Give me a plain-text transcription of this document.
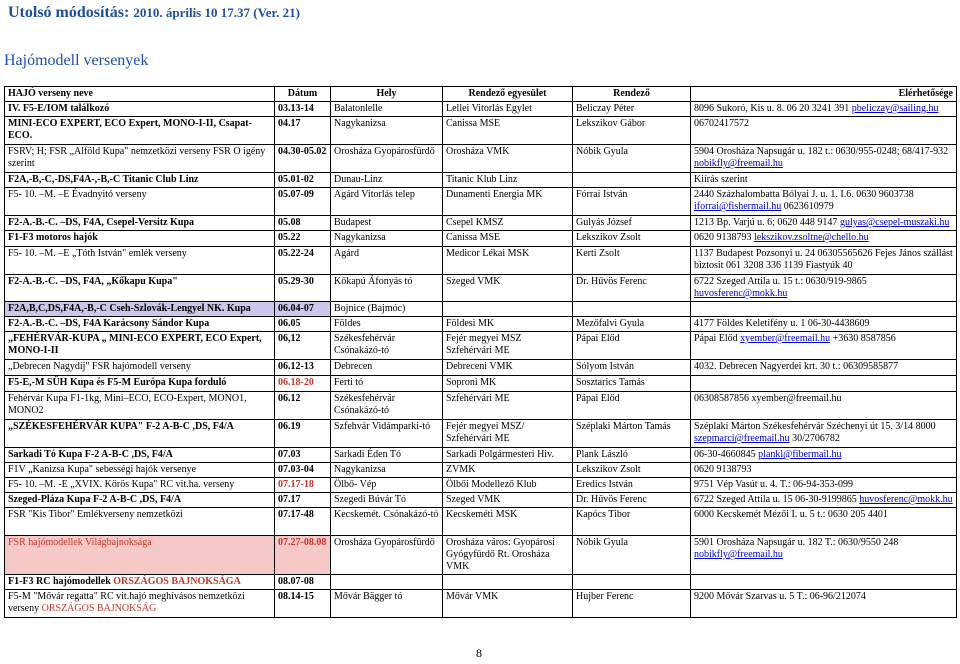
Utolsó módosítás: 2010. április 10 17.37 (Ver. 21)
Hajómodell versenyek
HAJÓ verseny neve	Dátum	Hely	Rendező egyesület	Rendező	Elérhetősége
IV. F5-E/IOM találkozó	03.13-14	Balatonlelle	Lellei Vitorlás Egylet	Beliczay Péter	8096 Sukoró, Kis u. 8. 06 20 3241 391 pbeliczay@sailing.hu
MINI-ECO EXPERT, ECO Expert, MONO-I-II, Csapat-ECO.	04.17	Nagykanizsa	Canissa MSE	Lekszikov Gábor	06702417572
FSRV; H; FSR „Alföld Kupa" nemzetközi verseny FSR O igény szerint	04.30-05.02	Orosháza Gyopárosfürdő	Orosháza VMK	Nóbik Gyula	5904 Orosháza Napsugár u. 182 t.: 0630/955-0248; 68/417-932 nobikfly@freemail.hu
F2A,-B,-C,-DS,F4A-,-B,-C Titanic Club Linz	05.01-02	Dunau-Linz	Titanic Klub Linz		Kiírás szerint
F5- 10. –M. –E Évadnyitó verseny	05.07-09	Agárd Vitorlás telep	Dunamenti Energia MK	Fórrai István	2440 Százhalombatta Bólyai J. u. 1. I.6. 0630 9603738 iforrai@fishermail.hu 0623610979
F2-A.-B.-C. –DS, F4A, Csepel-Versitz Kupa	05.08	Budapest	Csepel KMSZ	Gulyás József	1213 Bp. Varjú u. 6; 0620 448 9147 gulyas@csepel-muszaki.hu
F1-F3 motoros hajók	05.22	Nagykanizsa	Canissa MSE	Lekszikov Zsolt	0620 9138793 lekszikov.zsoltne@chello.hu
F5- 10. –M. –E „Tóth István" emlék verseny	05.22-24	Agárd	Medicor Lékai MSK	Kerti Zsolt	1137 Budapest Pozsonyi u. 24 06305565626 Fejes János szállást biztosít 061 3208 336 1139 Fiastyúk 40
F2-A.-B.-C. –DS, F4A, „Kőkapu Kupa"	05.29-30	Kőkapú Áfonyás tó	Szeged VMK	Dr. Hűvös Ferenc	6722 Szeged Attila u. 15 t.: 0630/919-9865 huvosferenc@mokk.hu
F2A,B,C,DS,F4A,-B,-C Cseh-Szlovák-Lengyel NK. Kupa	06.04-07	Bojnice (Bajmóc)			
F2-A.-B.-C. –DS, F4A Karácsony Sándor Kupa	06.05	Földes	Földesi MK	Mezőfalvi Gyula	4177 Földes Keletifény u. 1 06-30-4438609
„FEHÉRVÁR-KUPA „ MINI-ECO EXPERT, ECO Expert, MONO-I-II	06,12	Székesfehérvár Csónakázó-tó	Fejér megyei MSZ Szfehérvári ME	Pápai Előd	Pápai Előd xyember@freemail.hu +3630 8587856
„Debrecen Nagydíj" FSR hajómodell verseny	06.12-13	Debrecen	Debreceni VMK	Sólyom István	4032. Debrecen Nagyerdei krt. 30 t.: 06309585877
F5-E,-M SÜH Kupa és F5-M Európa Kupa forduló	06.18-20	Ferti tó	Soproni MK	Sosztarics Tamás	
Fehérvár Kupa F1-1kg, Mini–ECO, ECO-Expert, MONO1, MONO2	06.12	Székesfehérvár Csónakázó-tó	Szfehérvári ME	Pápai Előd	06308587856 xyember@freemail.hu
„SZÉKESFEHÉRVÁR KUPA" F-2 A-B-C ,DS, F4/A	06.19	Szfehvár Vidámparki-tó	Fejér megyei MSZ/ Szfehérvári ME	Széplaki Márton Tamás	Széplaki Márton Székesfehérvár Széchenyi út 15. 3/14 8000 szepmarci@freemail.hu 30/2706782
Sarkadi Tó Kupa F-2 A-B-C ,DS, F4/A	07.03	Sarkadi Éden Tó	Sarkadi Polgármesteri Hiv.	Plank László	06-30-4660845 plankl@fibermail.hu
F1V „Kanizsa Kupa" sebességi hajók versenye	07.03-04	Nagykanizsa	ZVMK	Lekszikov Zsolt	0620 9138793
F5- 10. –M. -E „XVIX. Körös Kupa" RC vit.ha. verseny	07.17-18	Ölbő- Vép	Ölbői Modellező Klub	Eredics István	9751 Vép Vasút u. 4. T.: 06-94-353-099
Szeged-Pláza Kupa F-2 A-B-C ,DS, F4/A	07.17	Szegedi Búvár Tó	Szeged VMK	Dr. Hűvös Ferenc	6722 Szeged Attila u. 15 06-30-9199865 huvosferenc@mokk.hu
FSR "Kis Tibor" Emlékverseny nemzetközi	07.17-48	Kecskemét. Csónakázó-tó	Kecskeméti MSK	Kapócs Tibor	6000 Kecskemét Mézői I. u. 5 t.: 0630 205 4401
FSR hajómodellek Világbajnoksága	07.27-08.08	Orosháza Gyopárosfürdő	Orosháza város: Gyopárosi Gyógyfürdő Rt. Orosháza VMK	Nóbik Gyula	5901 Orosháza Napsugár u. 182 T.: 0630/9550 248 nobikfly@freemail.hu
F1-F3 RC hajómodellek ORSZÁGOS BAJNOKSÁGA	08.07-08				
F5-M "Mővár regatta" RC vit.hajó meghívásos nemzetközi verseny ORSZÁGOS BAJNOKSÁG	08.14-15	Mővár Bägger tó	Mővár VMK	Hujber Ferenc	9200 Mővár Szarvas u. 5 T.: 06-96/212074
8
